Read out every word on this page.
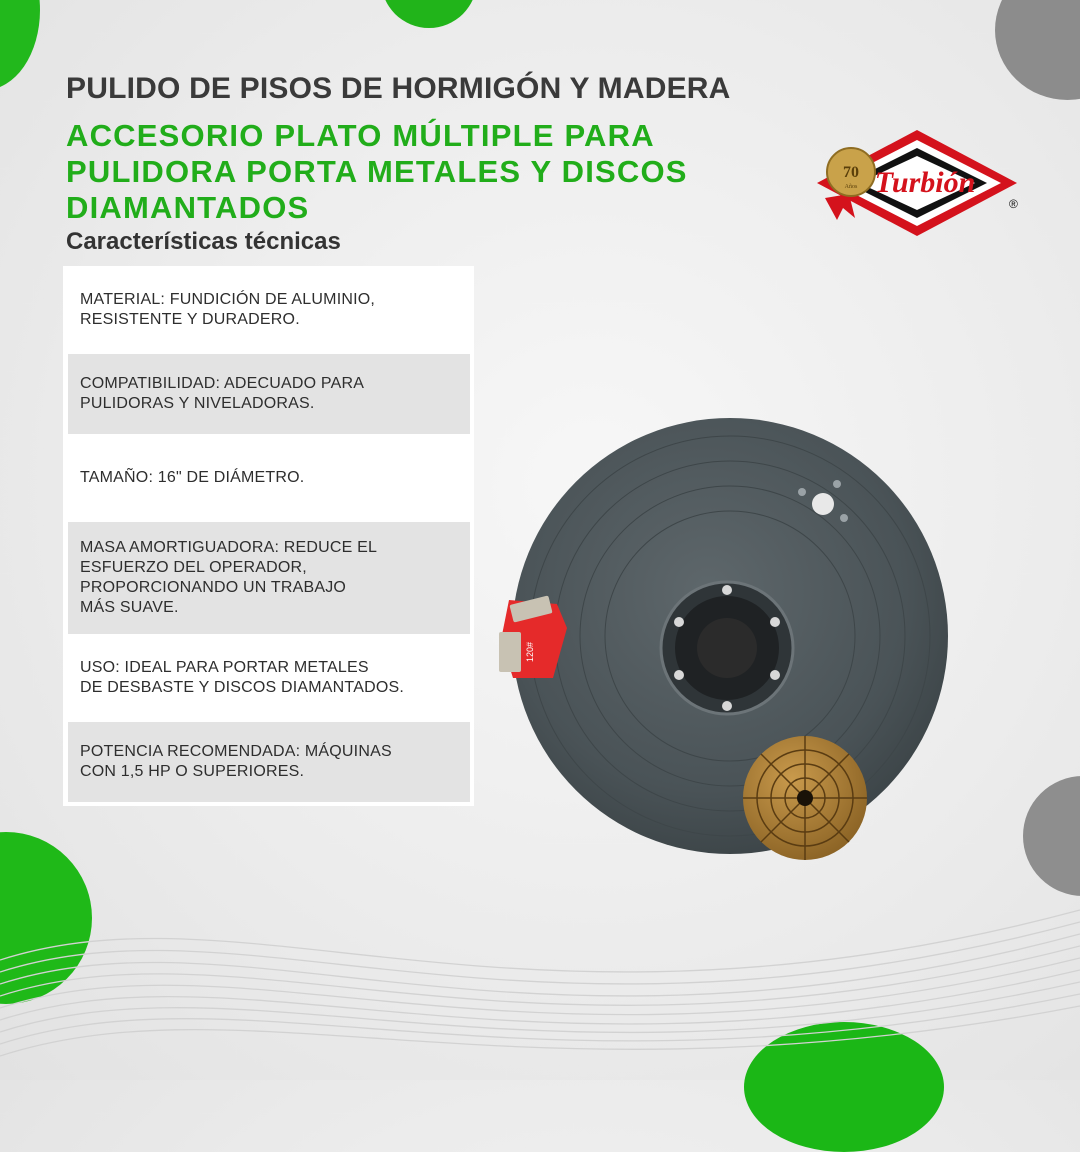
PULIDO DE PISOS DE HORMIGÓN Y MADERA
ACCESORIO PLATO MÚLTIPLE PARA PULIDORA PORTA METALES Y DISCOS DIAMANTADOS
Características técnicas
MATERIAL: FUNDICIÓN DE ALUMINIO,
RESISTENTE Y DURADERO.
COMPATIBILIDAD: ADECUADO PARA
PULIDORAS Y NIVELADORAS.
TAMAÑO: 16" DE DIÁMETRO.
MASA AMORTIGUADORA: REDUCE EL
ESFUERZO DEL OPERADOR,
PROPORCIONANDO UN TRABAJO
MÁS SUAVE.
USO: IDEAL PARA PORTAR METALES
DE DESBASTE Y DISCOS DIAMANTADOS.
POTENCIA RECOMENDADA: MÁQUINAS
CON 1,5 HP O SUPERIORES.
120#
70
Años Turbión
®
